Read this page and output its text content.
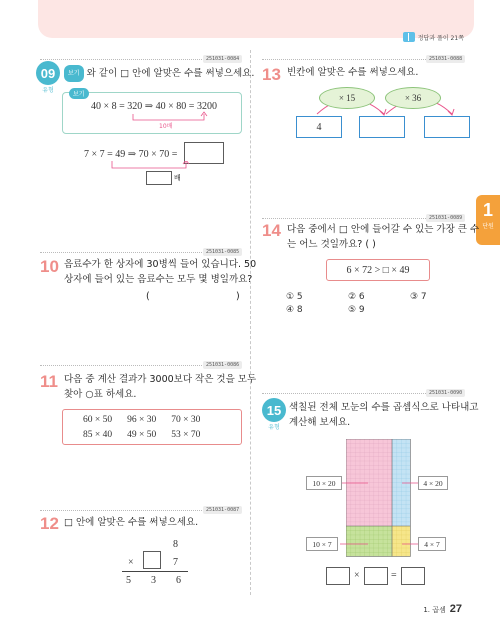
정답과 풀이 21쪽
1
단원
251031-0084
09
유형
보기 와 같이 □ 안에 알맞은 수를 써넣으세요.
보기
40 × 8 = 320 ⇒ 40 × 80 = 3200
10배
7 × 7 = 49 ⇒ 70 × 70 =
배
251031-0085
10 음료수가 한 상자에 30병씩 들어 있습니다. 50
상자에 들어 있는 음료수는 모두 몇 병일까요?
(	)
251031-0086
11 다음 중 계산 결과가 3000보다 작은 것을 모두
찾아 ○표 하세요.
60 × 50 96 × 30 70 × 30
85 × 40 49 × 50 53 × 70
251031-0087
12 □ 안에 알맞은 수를 써넣으세요.
8
×	7
5 3 6
251031-0088
13 빈칸에 알맞은 수를 써넣으세요.
× 15	× 36
4
251031-0089
14 다음 중에서 □ 안에 들어갈 수 있는 가장 큰 수
는 어느 것일까요? ( )
6 × 72 > □ × 49
① 5	② 6	③ 7
④ 8	⑤ 9
251031-0090
15
유형
색칠된 전체 모눈의 수를 곱셈식으로 나타내고
계산해 보세요.
10 × 20	4 × 20
10 × 7	4 × 7
×	=
1. 곱셈 27
